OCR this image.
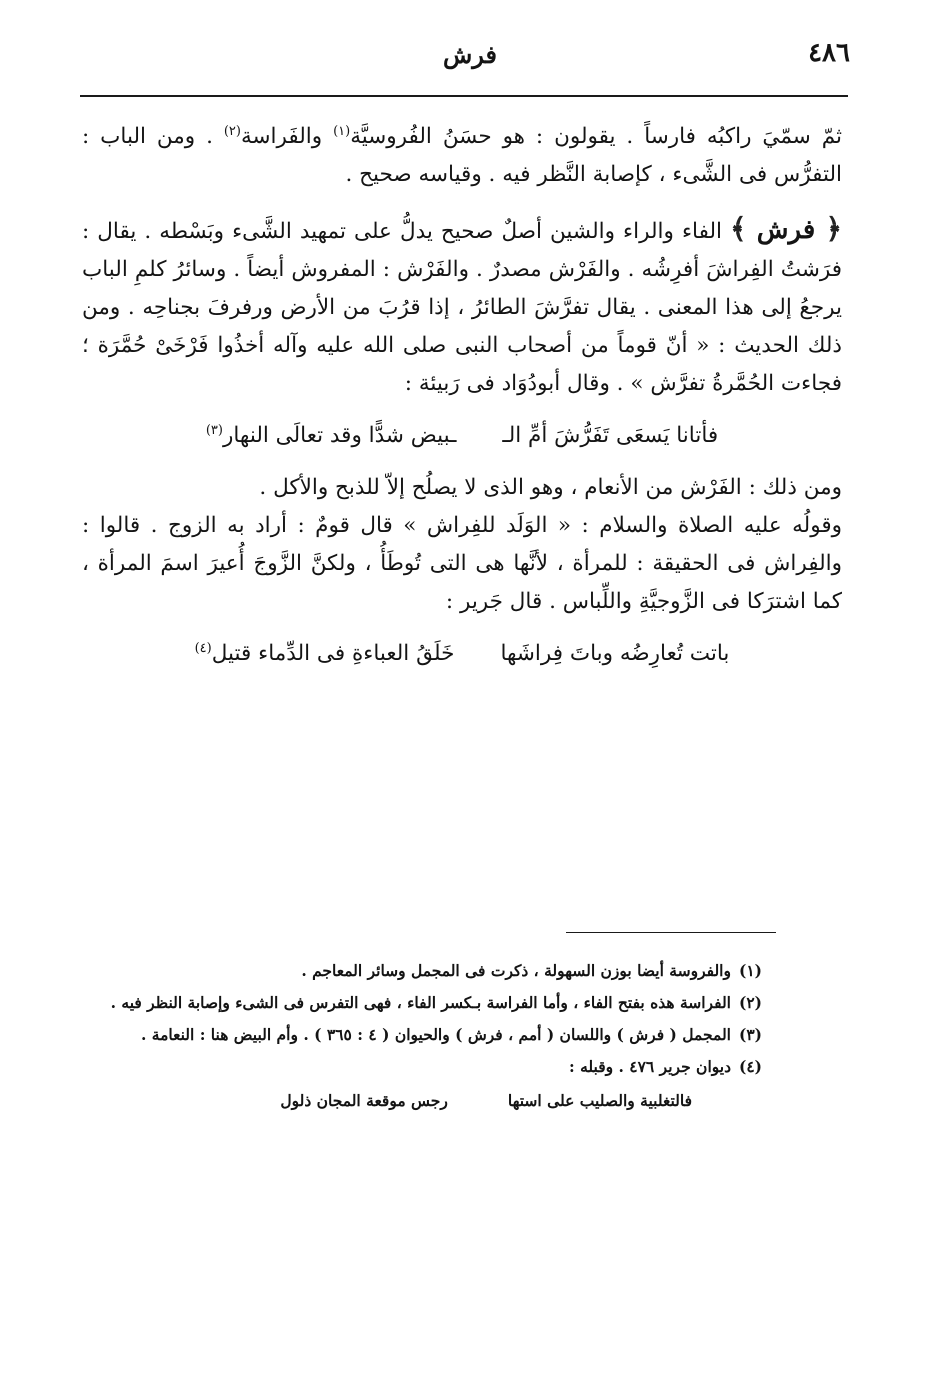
٤٨٦
فرش

ثمّ سمّيَ راكبُه فارساً . يقولون : هو حسَنُ الفُروسيَّة$^{(١)}$ والفَراسة$^{(٢)}$ . ومن الباب : التفرُّس فى الشَّىء ، كإصابة النَّظر فيه . وقياسه صحيح .

﴿ فرش ﴾ الفاء والراء والشين أصلٌ صحيح يدلُّ على تمهيد الشَّىء وبَسْطه . يقال : فرَشتُ الفِراشَ أفرِشُه . والفَرْش مصدرٌ . والفَرْش : المفروش أيضاً . وسائرُ كلمِ الباب يرجعُ إلى هذا المعنى . يقال تفرَّشَ الطائرُ ، إذا قرُبَ من الأرض ورفرفَ بجناحِه . ومن ذلك الحديث : « أنّ قوماً من أصحاب النبى صلى الله عليه وآله أخذُوا فَرْخَىْ حُمَّرَة ؛ فجاءت الحُمَّرةُ تفرَّش » . وقال أبودُوَاد فى رَبيئة :

فأتانا يَسعَى تَفَرُّشَ أمِّ الـ
ـبيض شدًّا وقد تعالَى النهار$^{(٣)}$

ومن ذلك : الفَرْش من الأنعام ، وهو الذى لا يصلُح إلاّ للذبح والأكل .

وقولُه عليه الصلاة والسلام : « الوَلَد للفِراش » قال قومٌ : أراد به الزوج . قالوا : والفِراش فى الحقيقة : للمرأة ، لأنَّها هى التى تُوطَأُ ، ولكنَّ الزَّوجَ أُعيرَ اسمَ المرأة ، كما اشترَكا فى الزَّوجيَّةِ واللِّباس . قال جَرير :

باتت تُعارِضُه وباتَ فِراشَها
خَلَقُ العباءةِ فى الدِّماء قتيل$^{(٤)}$

(١)والفروسة أيضا بوزن السهولة ، ذكرت فى المجمل وسائر المعاجم .

(٢)الفراسة هذه بفتح الفاء ، وأما الفراسة بـكسر الفاء ، فهى التفرس فى الشىء وإصابة النظر فيه .

(٣)المجمل ( فرش ) واللسان ( أمم ، فرش ) والحيوان ( ٤ : ٣٦٥ ) . وأم البيض هنا : النعامة .

(٤)ديوان جرير ٤٧٦ . وقبله :

فالتغلبية والصليب على استها
رجس موقعة المجان ذلول
